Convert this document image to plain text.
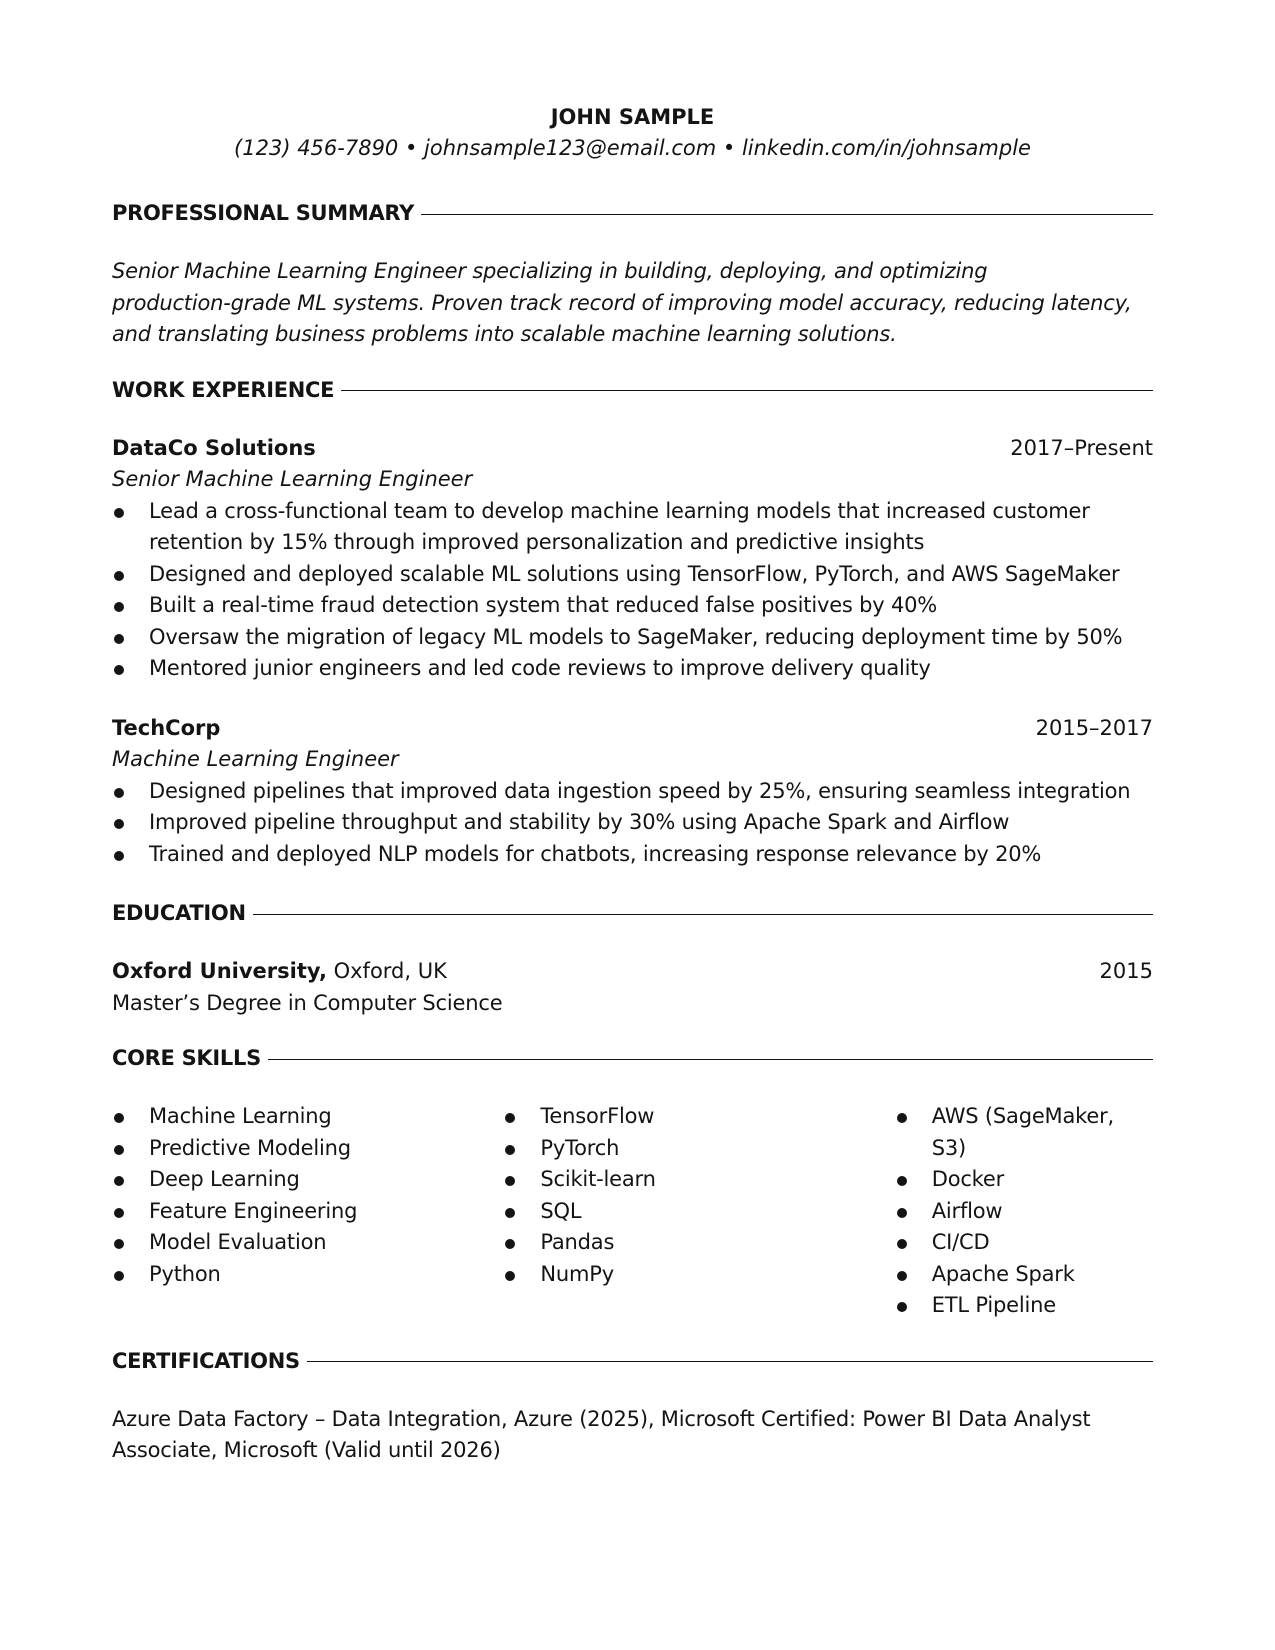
JOHN SAMPLE
(123) 456-7890 • johnsample123@email.com • linkedin.com/in/johnsample
PROFESSIONAL SUMMARY
Senior Machine Learning Engineer specializing in building, deploying, and optimizing
production-grade ML systems. Proven track record of improving model accuracy, reducing latency,
and translating business problems into scalable machine learning solutions.
WORK EXPERIENCE
DataCo Solutions	2017–Present
Senior Machine Learning Engineer
Lead a cross-functional team to develop machine learning models that increased customer retention by 15% through improved personalization and predictive insights
Designed and deployed scalable ML solutions using TensorFlow, PyTorch, and AWS SageMaker
Built a real-time fraud detection system that reduced false positives by 40%
Oversaw the migration of legacy ML models to SageMaker, reducing deployment time by 50%
Mentored junior engineers and led code reviews to improve delivery quality
TechCorp	2015–2017
Machine Learning Engineer
Designed pipelines that improved data ingestion speed by 25%, ensuring seamless integration
Improved pipeline throughput and stability by 30% using Apache Spark and Airflow
Trained and deployed NLP models for chatbots, increasing response relevance by 20%
EDUCATION
Oxford University, Oxford, UK	2015
Master’s Degree in Computer Science
CORE SKILLS
Machine Learning
Predictive Modeling
Deep Learning
Feature Engineering
Model Evaluation
Python
TensorFlow
PyTorch
Scikit-learn
SQL
Pandas
NumPy
AWS (SageMaker, S3)
Docker
Airflow
CI/CD
Apache Spark
ETL Pipeline
CERTIFICATIONS
Azure Data Factory – Data Integration, Azure (2025), Microsoft Certified: Power BI Data Analyst Associate, Microsoft (Valid until 2026)
